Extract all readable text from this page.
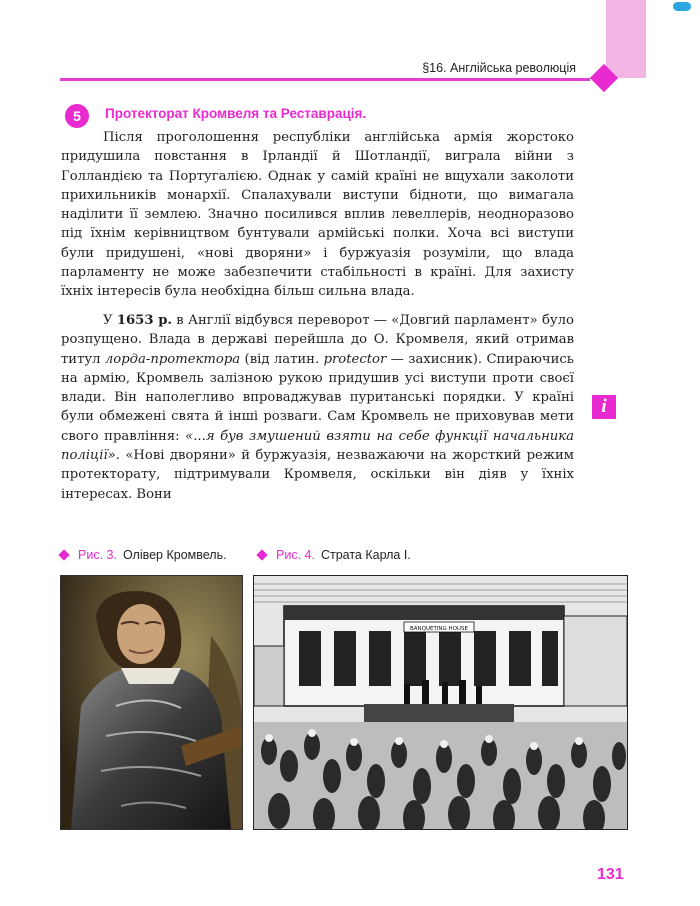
§16. Англійська революція
5	Протекторат Кромвеля та Реставрація.

Після проголошення республіки англійська армія жорстоко придушила повстання в Ірландії й Шотландії, виграла війни з Голландією та Португалією. Однак у самій країні не вщухали заколоти прихильників монархії. Спалахували виступи бідноти, що вимагала наділити її землею. Значно посилився вплив левеллерів, неодноразово під їхнім керівництвом бунтували армійські полки. Хоча всі виступи були придушені, «нові дворяни» і буржуазія розуміли, що влада парламенту не може забезпечити стабільності в країні. Для захисту їхніх інтересів була необхідна більш сильна влада.

У 1653 р. в Англії відбувся переворот — «Довгий парламент» було розпущено. Влада в державі перейшла до О. Кромвеля, який отримав титул лорда-протектора (від латин. protector — захисник). Спираючись на армію, Кромвель залізною рукою придушив усі виступи проти своєї влади. Він наполегливо впроваджував пуританські порядки. У країні були обмежені свята й інші розваги. Сам Кромвель не приховував мети свого правління: «...я був змушений взяти на себе функції начальника поліції». «Нові дворяни» й буржуазія, незважаючи на жорсткий режим протекторату, підтримували Кромвеля, оскільки він діяв у їхніх інтересах. Вони

i
Рис. 3. Олівер Кромвель.	Рис. 4. Страта Карла І.
BANQUETING HOUSE
131
